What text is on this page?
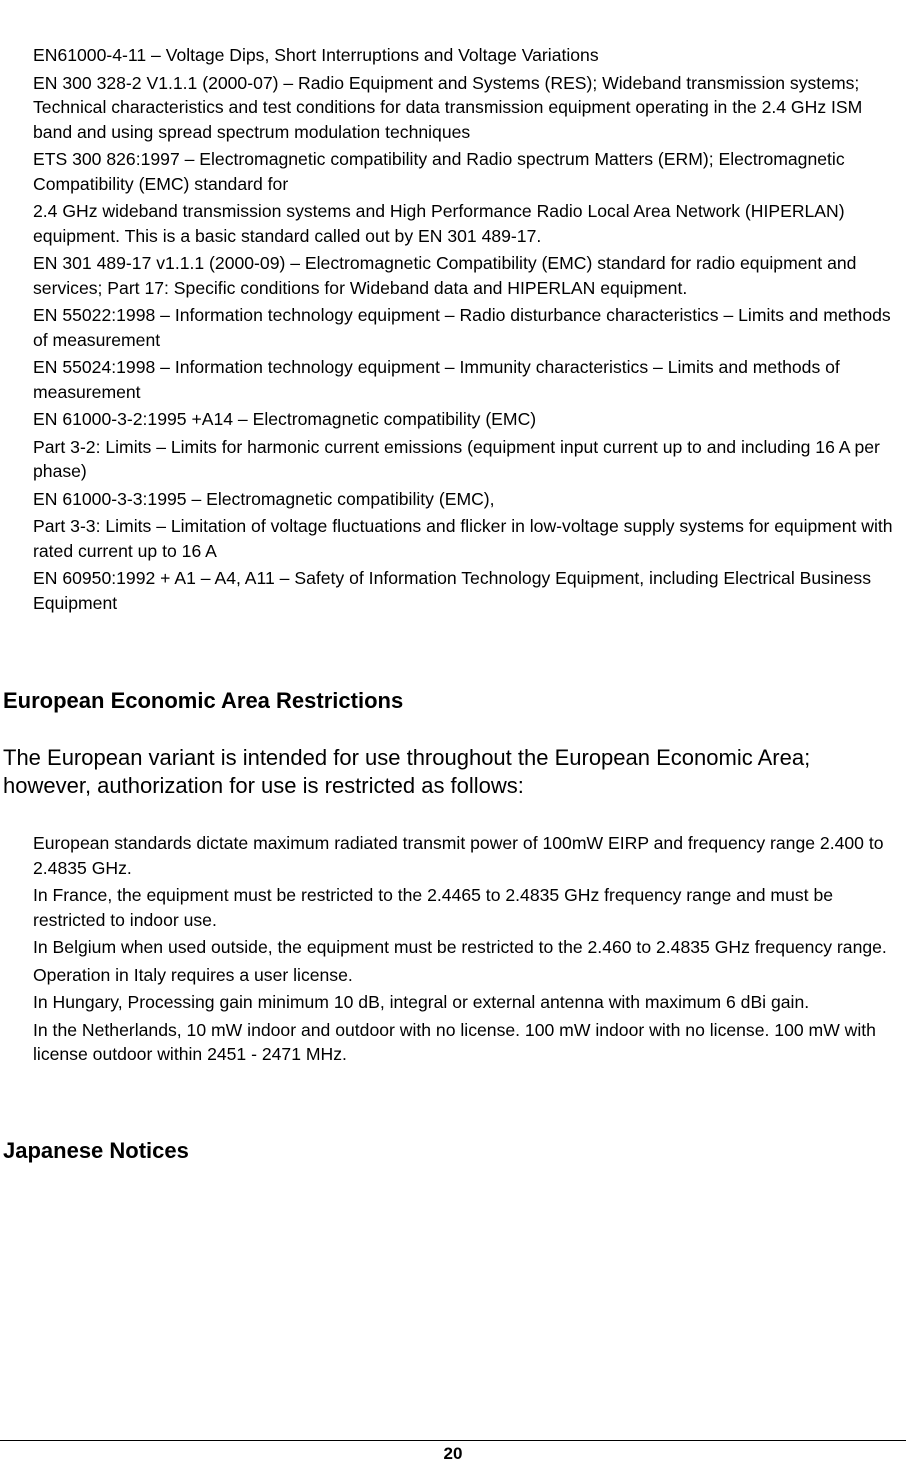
EN61000-4-11 – Voltage Dips, Short Interruptions and Voltage Variations
EN 300 328-2 V1.1.1 (2000-07) – Radio Equipment and Systems (RES); Wideband transmission systems; Technical characteristics and test conditions for data transmission equipment operating in the 2.4 GHz ISM band and using spread spectrum modulation techniques
ETS 300 826:1997 – Electromagnetic compatibility and Radio spectrum Matters (ERM); Electromagnetic Compatibility (EMC) standard for
2.4 GHz wideband transmission systems and High Performance Radio Local Area Network (HIPERLAN) equipment. This is a basic standard called out by EN 301 489-17.
EN 301 489-17 v1.1.1 (2000-09) – Electromagnetic Compatibility (EMC) standard for radio equipment and services; Part 17: Specific conditions for Wideband data and HIPERLAN equipment.
EN 55022:1998 – Information technology equipment – Radio disturbance characteristics – Limits and methods of measurement
EN 55024:1998 – Information technology equipment – Immunity characteristics – Limits and methods of measurement
EN 61000-3-2:1995 +A14 – Electromagnetic compatibility (EMC)
Part 3-2: Limits – Limits for harmonic current emissions (equipment input current up to and including 16 A per phase)
EN 61000-3-3:1995 – Electromagnetic compatibility (EMC),
Part 3-3: Limits – Limitation of voltage fluctuations and flicker in low-voltage supply systems for equipment with rated current up to 16 A
EN 60950:1992 + A1 – A4, A11 – Safety of Information Technology Equipment, including Electrical Business Equipment
European Economic Area Restrictions

The European variant is intended for use throughout the European Economic Area; however, authorization for use is restricted as follows:

European standards dictate maximum radiated transmit power of 100mW EIRP and frequency range 2.400 to 2.4835 GHz.
In France, the equipment must be restricted to the 2.4465 to 2.4835 GHz frequency range and must be restricted to indoor use.
In Belgium when used outside, the equipment must be restricted to the 2.460 to 2.4835 GHz frequency range.
Operation in Italy requires a user license.
In Hungary, Processing gain minimum 10 dB, integral or external antenna with maximum 6 dBi gain.
In the Netherlands, 10 mW indoor and outdoor with no license. 100 mW indoor with no license. 100 mW with license outdoor within 2451 - 2471 MHz.
Japanese Notices
20
